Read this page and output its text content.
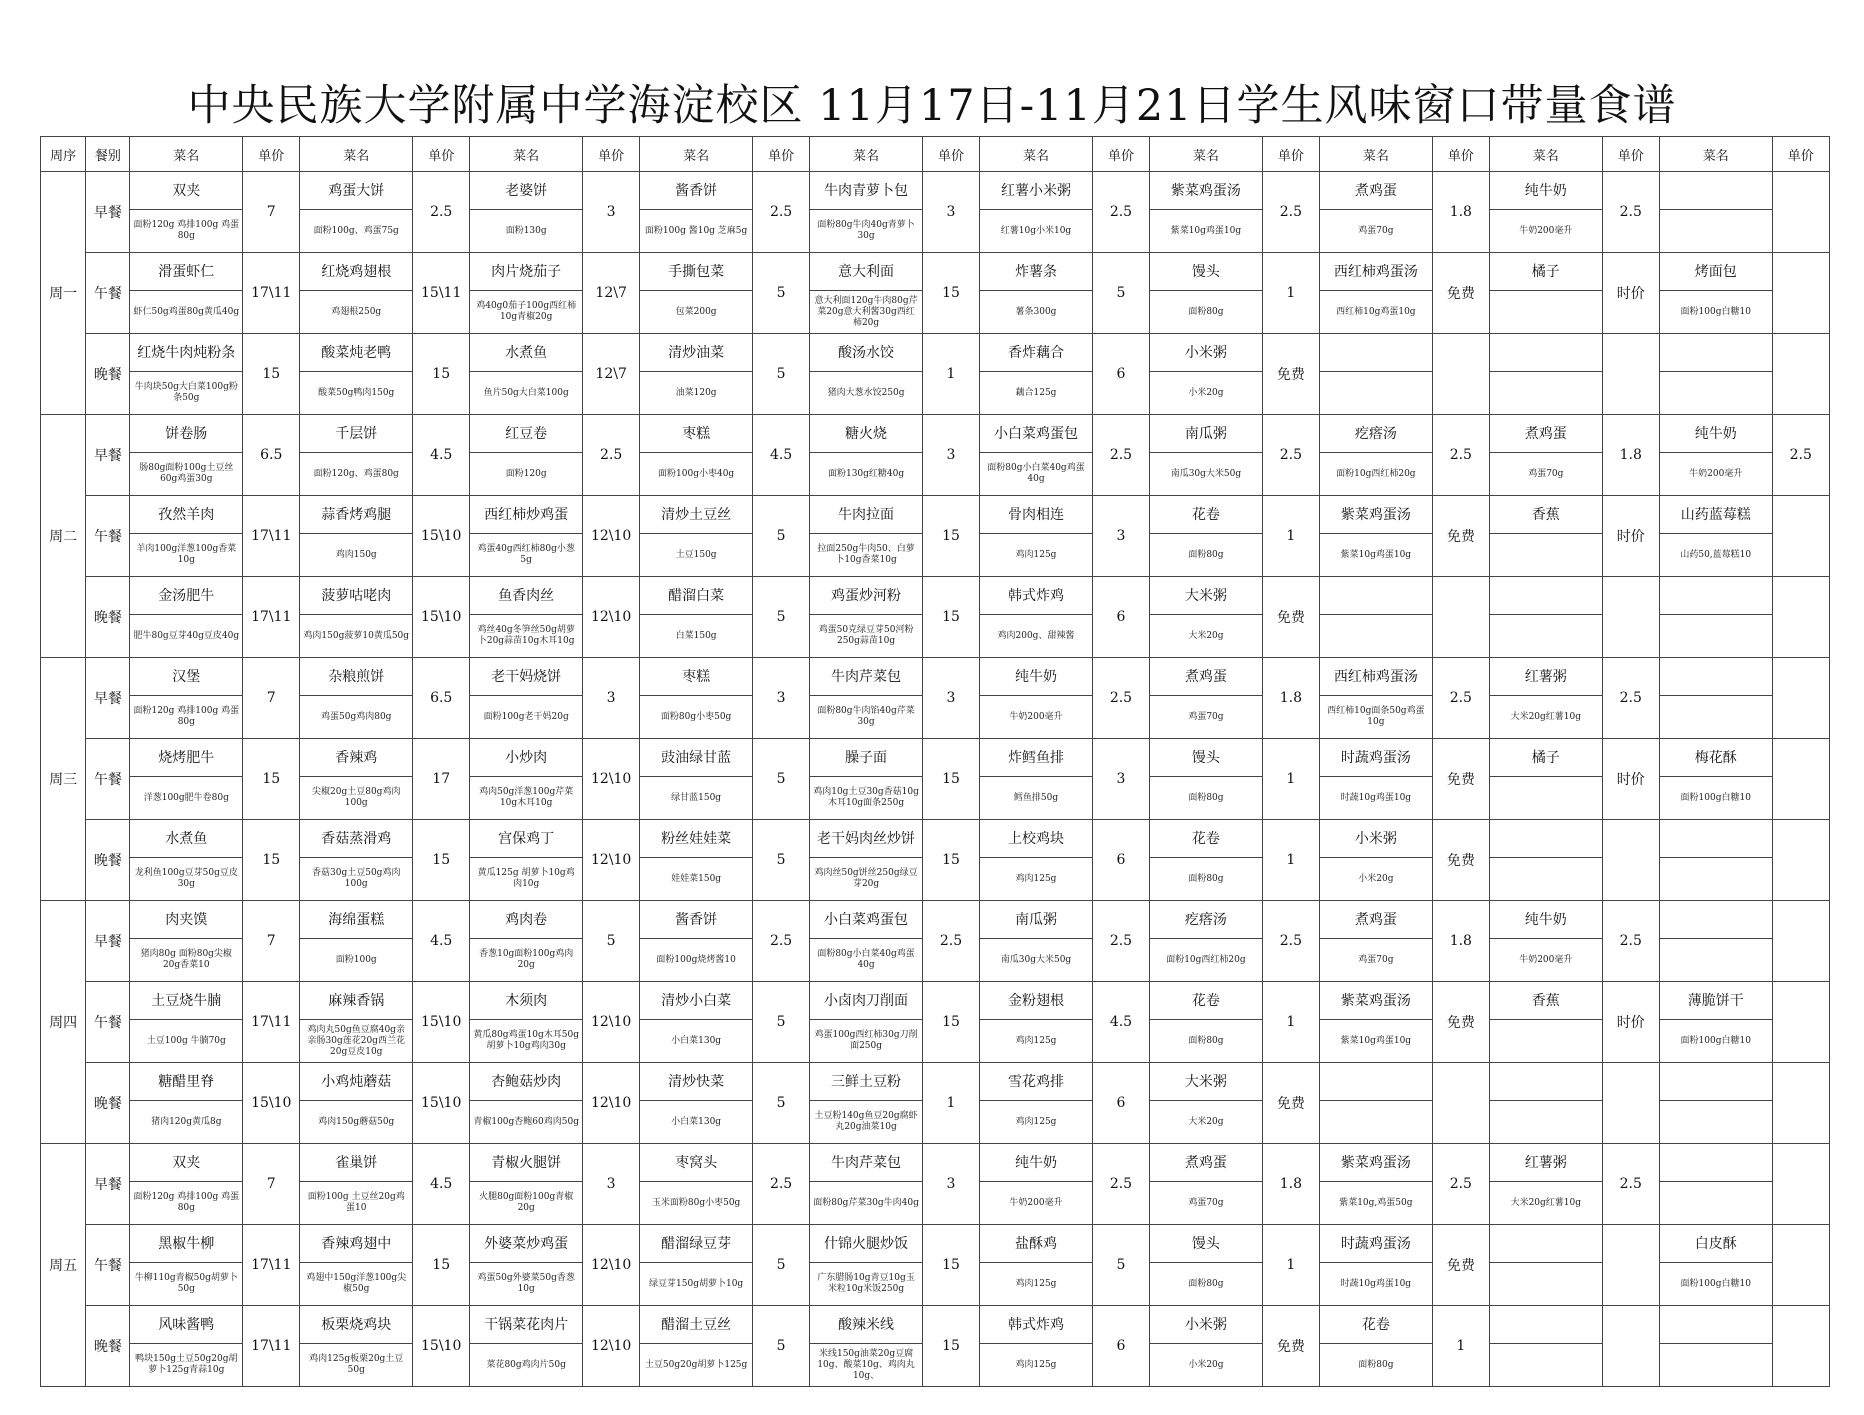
中央民族大学附属中学海淀校区 11月17日-11月21日学生风味窗口带量食谱
周序	餐别	菜名	单价	菜名	单价	菜名	单价	菜名	单价	菜名	单价	菜名	单价	菜名	单价	菜名	单价	菜名	单价	菜名	单价
周一	早餐	双夹	7	鸡蛋大饼	2.5	老婆饼	3	酱香饼	2.5	牛肉青萝卜包	3	红薯小米粥	2.5	紫菜鸡蛋汤	2.5	煮鸡蛋	1.8	纯牛奶	2.5		
		面粉120g 鸡排100g 鸡蛋80g		面粉100g、鸡蛋75g		面粉130g		面粉100g 酱10g 芝麻5g		面粉80g牛肉40g青萝卜30g		红薯10g小米10g		紫菜10g鸡蛋10g		鸡蛋70g		牛奶200毫升			
	午餐	滑蛋虾仁	17\11	红烧鸡翅根	15\11	肉片烧茄子	12\7	手撕包菜	5	意大利面	15	炸薯条	5	馒头	1	西红柿鸡蛋汤	免费	橘子	时价	烤面包	
		虾仁50g鸡蛋80g黄瓜40g		鸡翅根250g		鸡40g0茄子100g西红柿10g青椒20g		包菜200g		意大利面120g牛肉80g芹菜20g意大利酱30g西红柿20g		薯条300g		面粉80g		西红柿10g鸡蛋10g				面粉100g白糖10	
	晚餐	红烧牛肉炖粉条	15	酸菜炖老鸭	15	水煮鱼	12\7	清炒油菜	5	酸汤水饺	1	香炸藕合	6	小米粥	免费						
		牛肉块50g大白菜100g粉条50g		酸菜50g鸭肉150g		鱼片50g大白菜100g		油菜120g		猪肉大葱水饺250g		藕合125g		小米20g							
周二	早餐	饼卷肠	6.5	千层饼	4.5	红豆卷	2.5	枣糕	4.5	糖火烧	3	小白菜鸡蛋包	2.5	南瓜粥	2.5	疙瘩汤	2.5	煮鸡蛋	1.8	纯牛奶	2.5
		肠80g面粉100g土豆丝60g鸡蛋30g		面粉120g、鸡蛋80g		面粉120g		面粉100g小枣40g		面粉130g红糖40g		面粉80g小白菜40g鸡蛋40g		南瓜30g大米50g		面粉10g西红柿20g		鸡蛋70g		牛奶200毫升	
	午餐	孜然羊肉	17\11	蒜香烤鸡腿	15\10	西红柿炒鸡蛋	12\10	清炒土豆丝	5	牛肉拉面	15	骨肉相连	3	花卷	1	紫菜鸡蛋汤	免费	香蕉	时价	山药蓝莓糕	
		羊肉100g洋葱100g香菜10g		鸡肉150g		鸡蛋40g西红柿80g小葱5g		土豆150g		拉面250g牛肉50、白萝卜10g香菜10g		鸡肉125g		面粉80g		紫菜10g鸡蛋10g				山药50,蓝莓糕10	
	晚餐	金汤肥牛	17\11	菠萝咕咾肉	15\10	鱼香肉丝	12\10	醋溜白菜	5	鸡蛋炒河粉	15	韩式炸鸡	6	大米粥	免费						
		肥牛80g豆芽40g豆皮40g		鸡肉150g菠萝10黄瓜50g		鸡丝40g冬笋丝50g胡萝卜20g蒜苗10g木耳10g		白菜150g		鸡蛋50克绿豆芽50河粉250g蒜苗10g		鸡肉200g、甜辣酱		大米20g							
周三	早餐	汉堡	7	杂粮煎饼	6.5	老干妈烧饼	3	枣糕	3	牛肉芹菜包	3	纯牛奶	2.5	煮鸡蛋	1.8	西红柿鸡蛋汤	2.5	红薯粥	2.5		
		面粉120g 鸡排100g 鸡蛋80g		鸡蛋50g鸡肉80g		面粉100g老干妈20g		面粉80g小枣50g		面粉80g牛肉馅40g芹菜30g		牛奶200毫升		鸡蛋70g		西红柿10g面条50g鸡蛋10g		大米20g红薯10g			
	午餐	烧烤肥牛	15	香辣鸡	17	小炒肉	12\10	豉油绿甘蓝	5	臊子面	15	炸鳕鱼排	3	馒头	1	时蔬鸡蛋汤	免费	橘子	时价	梅花酥	
		洋葱100g肥牛卷80g		尖椒20g土豆80g鸡肉100g		鸡肉50g洋葱100g芹菜10g木耳10g		绿甘蓝150g		鸡肉10g土豆30g香菇10g木耳10g面条250g		鳕鱼排50g		面粉80g		时蔬10g鸡蛋10g				面粉100g白糖10	
	晚餐	水煮鱼	15	香菇蒸滑鸡	15	宫保鸡丁	12\10	粉丝娃娃菜	5	老干妈肉丝炒饼	15	上校鸡块	6	花卷	1	小米粥	免费				
		龙利鱼100g豆芽50g豆皮30g		香菇30g土豆50g鸡肉100g		黄瓜125g 胡萝卜10g鸡肉10g		娃娃菜150g		鸡肉丝50g饼丝250g绿豆芽20g		鸡肉125g		面粉80g		小米20g					
周四	早餐	肉夹馍	7	海绵蛋糕	4.5	鸡肉卷	5	酱香饼	2.5	小白菜鸡蛋包	2.5	南瓜粥	2.5	疙瘩汤	2.5	煮鸡蛋	1.8	纯牛奶	2.5		
		猪肉80g 面粉80g尖椒20g香菜10		面粉100g		香葱10g面粉100g鸡肉20g		面粉100g烧烤酱10		面粉80g小白菜40g鸡蛋40g		南瓜30g大米50g		面粉10g西红柿20g		鸡蛋70g		牛奶200毫升			
	午餐	土豆烧牛腩	17\11	麻辣香锅	15\10	木须肉	12\10	清炒小白菜	5	小卤肉刀削面	15	金粉翅根	4.5	花卷	1	紫菜鸡蛋汤	免费	香蕉	时价	薄脆饼干	
		土豆100g 牛腩70g		鸡肉丸50g鱼豆腐40g亲亲肠30g莲花20g西兰花20g豆皮10g		黄瓜80g鸡蛋10g木耳50g胡萝卜10g鸡肉30g		小白菜130g		鸡蛋100g西红柿30g刀削面250g		鸡肉125g		面粉80g		紫菜10g鸡蛋10g				面粉100g白糖10	
	晚餐	糖醋里脊	15\10	小鸡炖蘑菇	15\10	杏鲍菇炒肉	12\10	清炒快菜	5	三鲜土豆粉	1	雪花鸡排	6	大米粥	免费						
		猪肉120g黄瓜8g		鸡肉150g蘑菇50g		青椒100g杏鲍60鸡肉50g		小白菜130g		土豆粉140g鱼豆20g腐虾丸20g油菜10g		鸡肉125g		大米20g							
周五	早餐	双夹	7	雀巢饼	4.5	青椒火腿饼	3	枣窝头	2.5	牛肉芹菜包	3	纯牛奶	2.5	煮鸡蛋	1.8	紫菜鸡蛋汤	2.5	红薯粥	2.5		
		面粉120g 鸡排100g 鸡蛋80g		面粉100g 土豆丝20g鸡蛋10		火腿80g面粉100g青椒20g		玉米面粉80g小枣50g		面粉80g芹菜30g牛肉40g		牛奶200毫升		鸡蛋70g		紫菜10g,鸡蛋50g		大米20g红薯10g			
	午餐	黑椒牛柳	17\11	香辣鸡翅中	15	外婆菜炒鸡蛋	12\10	醋溜绿豆芽	5	什锦火腿炒饭	15	盐酥鸡	5	馒头	1	时蔬鸡蛋汤	免费			白皮酥	
		牛柳110g青椒50g胡萝卜50g		鸡翅中150g洋葱100g尖椒50g		鸡蛋50g外婆菜50g香葱10g		绿豆芽150g胡萝卜10g		广东腊肠10g青豆10g玉米粒10g米饭250g		鸡肉125g		面粉80g		时蔬10g鸡蛋10g				面粉100g白糖10	
	晚餐	风味酱鸭	17\11	板栗烧鸡块	15\10	干锅菜花肉片	12\10	醋溜土豆丝	5	酸辣米线	15	韩式炸鸡	6	小米粥	免费	花卷	1				
		鸭块150g土豆50g20g胡萝卜125g青蒜10g		鸡肉125g板栗20g土豆50g		菜花80g鸡肉片50g		土豆50g20g胡萝卜125g		米线150g油菜20g豆腐10g、酸菜10g、鸡肉丸10g、		鸡肉125g		小米20g		面粉80g					
